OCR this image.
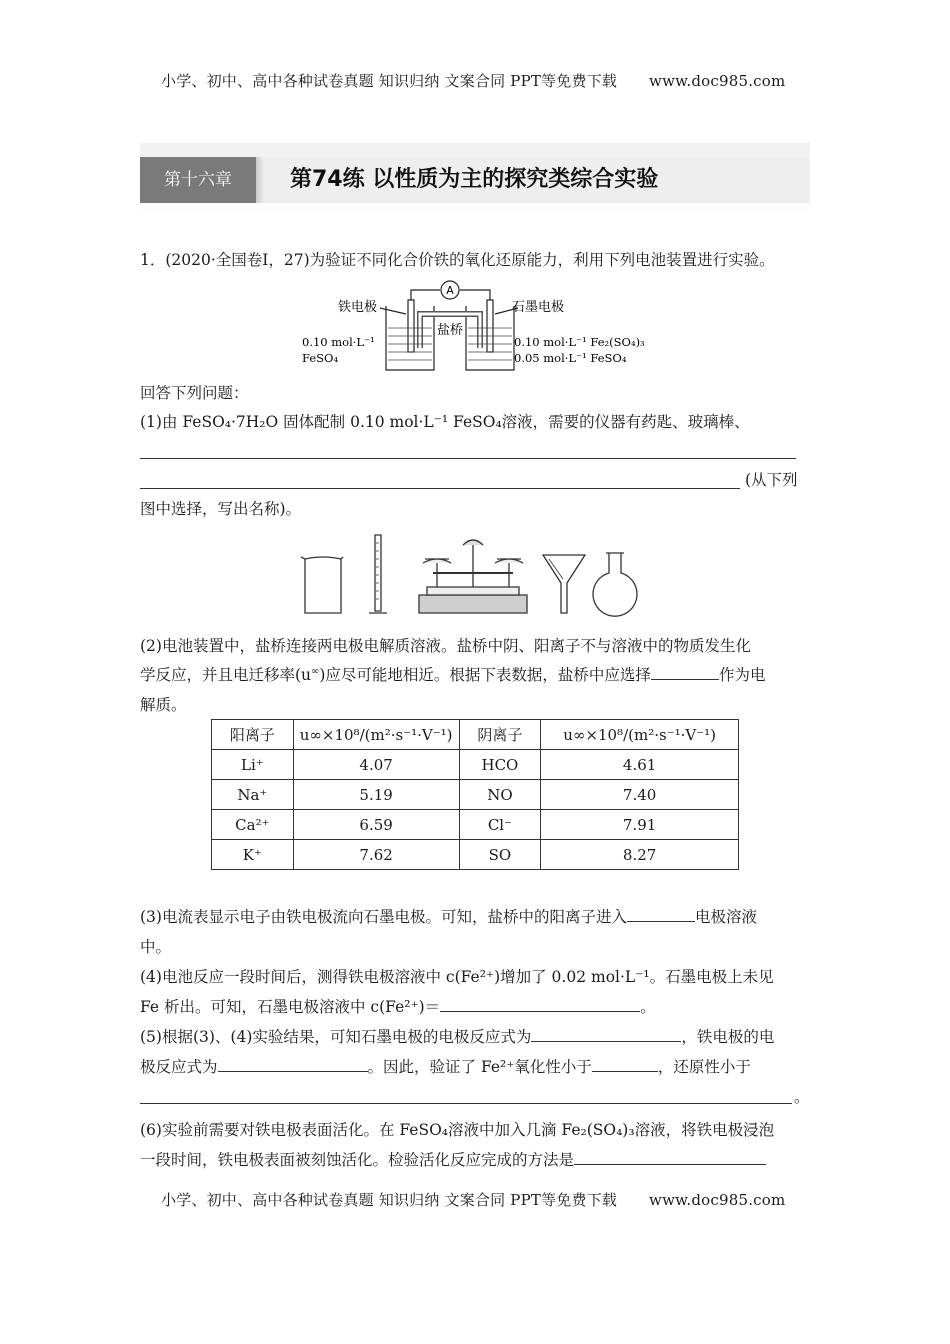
小学、初中、高中各种试卷真题 知识归纳 文案合同 PPT等免费下载 www.doc985.com
第十六章	第74练 以性质为主的探究类综合实验
1．(2020·全国卷Ⅰ，27)为验证不同化合价铁的氧化还原能力，利用下列电池装置进行实验。
A
铁电极	石墨电极
盐桥
0.10 mol·L⁻¹
FeSO₄
0.10 mol·L⁻¹ Fe₂(SO₄)₃
0.05 mol·L⁻¹ FeSO₄
回答下列问题：
(1)由 FeSO₄·7H₂O 固体配制 0.10 mol·L⁻¹ FeSO₄溶液，需要的仪器有药匙、玻璃棒、
(从下列
图中选择，写出名称)。
(2)电池装置中，盐桥连接两电极电解质溶液。盐桥中阴、阳离子不与溶液中的物质发生化
学反应，并且电迁移率(u∞)应尽可能地相近。根据下表数据，盐桥中应选择	作为电
解质。
阳离子	u∞×10⁸/(m²·s⁻¹·V⁻¹)	阴离子	u∞×10⁸/(m²·s⁻¹·V⁻¹)
Li⁺	4.07	HCO	4.61
Na⁺	5.19	NO	7.40
Ca²⁺	6.59	Cl⁻	7.91
K⁺	7.62	SO	8.27
(3)电流表显示电子由铁电极流向石墨电极。可知，盐桥中的阳离子进入	电极溶液
中。
(4)电池反应一段时间后，测得铁电极溶液中 c(Fe²⁺)增加了 0.02 mol·L⁻¹。石墨电极上未见
Fe 析出。可知，石墨电极溶液中 c(Fe²⁺)＝	。
(5)根据(3)、(4)实验结果，可知石墨电极的电极反应式为	，铁电极的电
极反应式为	。因此，验证了 Fe²⁺氧化性小于	，还原性小于
。
(6)实验前需要对铁电极表面活化。在 FeSO₄溶液中加入几滴 Fe₂(SO₄)₃溶液，将铁电极浸泡
一段时间，铁电极表面被刻蚀活化。检验活化反应完成的方法是
小学、初中、高中各种试卷真题 知识归纳 文案合同 PPT等免费下载 www.doc985.com
